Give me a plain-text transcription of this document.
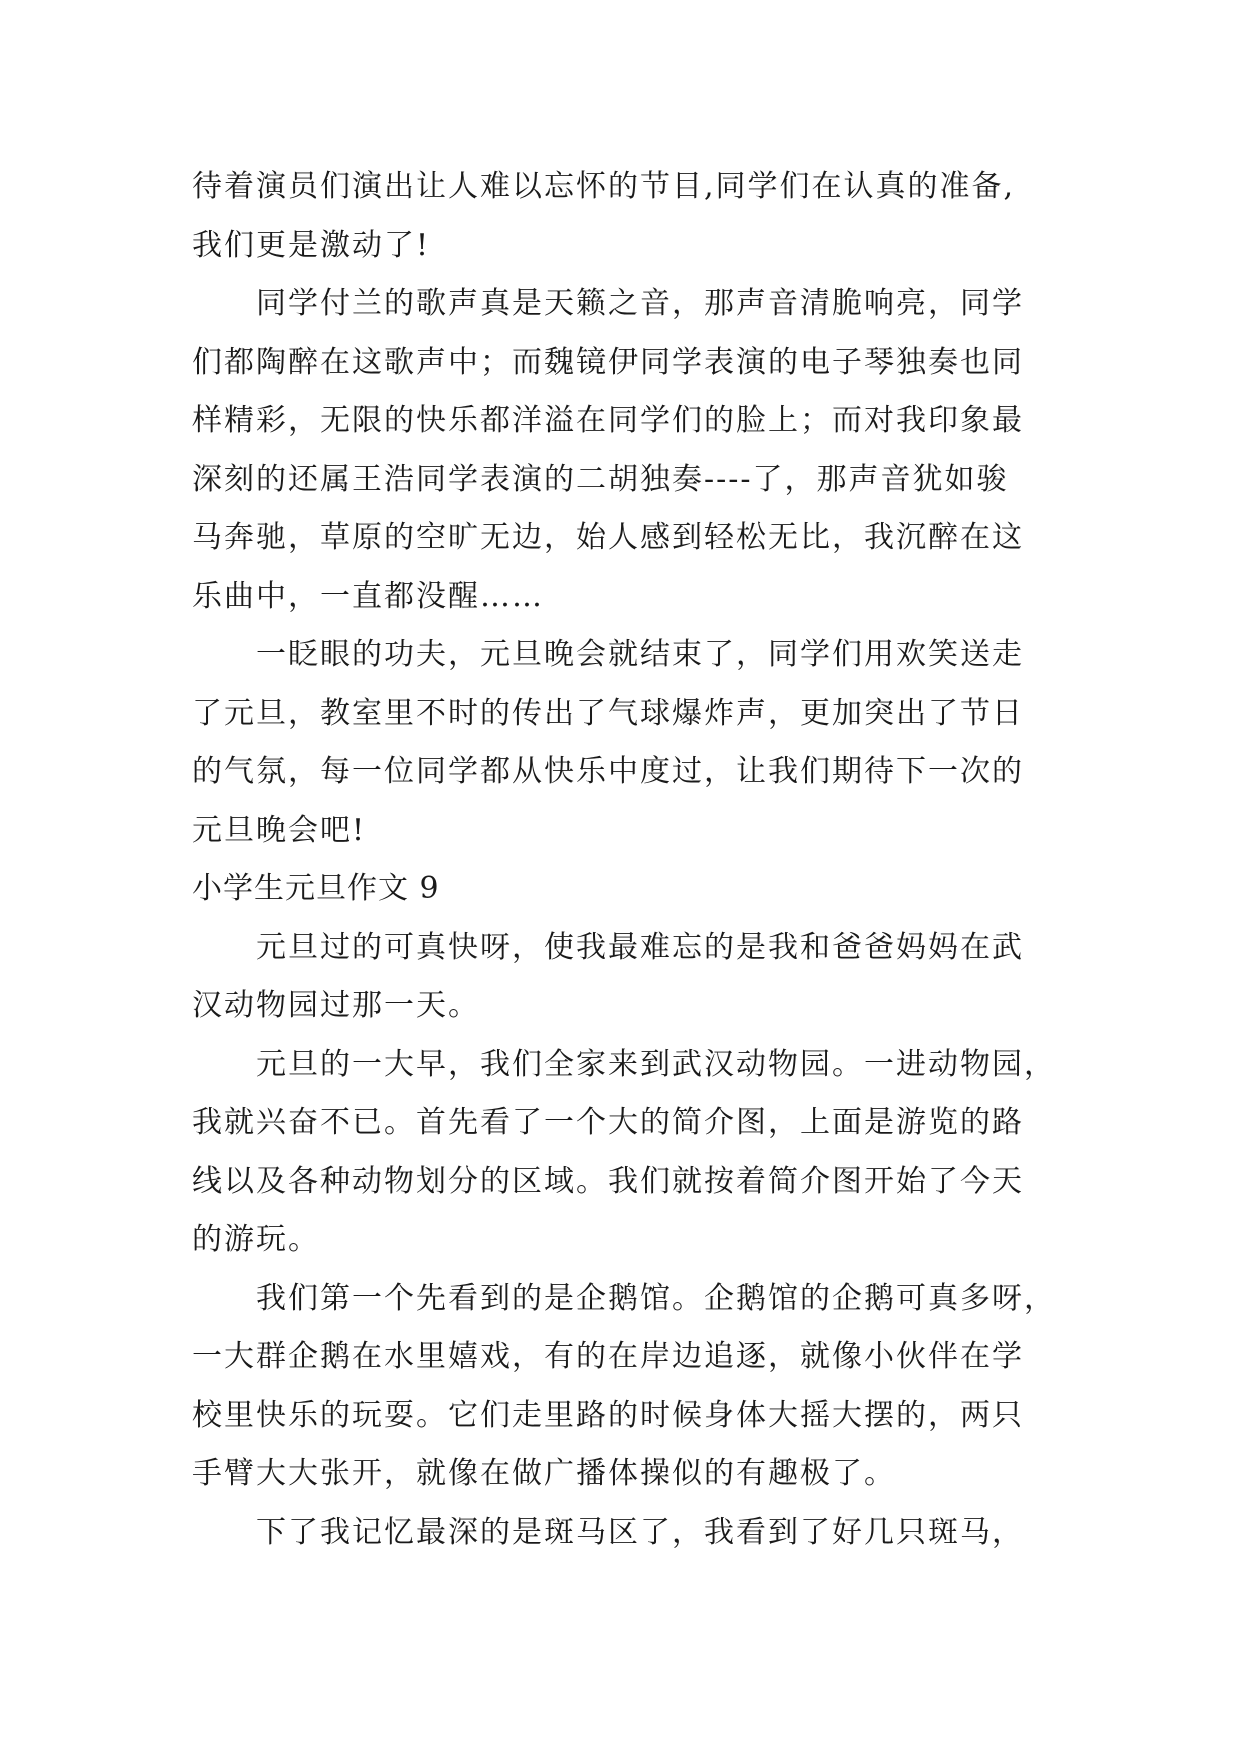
待着演员们演出让人难以忘怀的节目,同学们在认真的准备,
我们更是激动了!
同学付兰的歌声真是天籁之音，那声音清脆响亮，同学
们都陶醉在这歌声中；而魏镜伊同学表演的电子琴独奏也同
样精彩，无限的快乐都洋溢在同学们的脸上；而对我印象最
深刻的还属王浩同学表演的二胡独奏----了，那声音犹如骏
马奔驰，草原的空旷无边，始人感到轻松无比，我沉醉在这
乐曲中，一直都没醒……
一眨眼的功夫，元旦晚会就结束了，同学们用欢笑送走
了元旦，教室里不时的传出了气球爆炸声，更加突出了节日
的气氛，每一位同学都从快乐中度过，让我们期待下一次的
元旦晚会吧!
小学生元旦作文 9
元旦过的可真快呀，使我最难忘的是我和爸爸妈妈在武
汉动物园过那一天。
元旦的一大早，我们全家来到武汉动物园。一进动物园，
我就兴奋不已。首先看了一个大的简介图，上面是游览的路
线以及各种动物划分的区域。我们就按着简介图开始了今天
的游玩。
我们第一个先看到的是企鹅馆。企鹅馆的企鹅可真多呀，
一大群企鹅在水里嬉戏，有的在岸边追逐，就像小伙伴在学
校里快乐的玩耍。它们走里路的时候身体大摇大摆的，两只
手臂大大张开，就像在做广播体操似的有趣极了。
下了我记忆最深的是斑马区了，我看到了好几只斑马，
